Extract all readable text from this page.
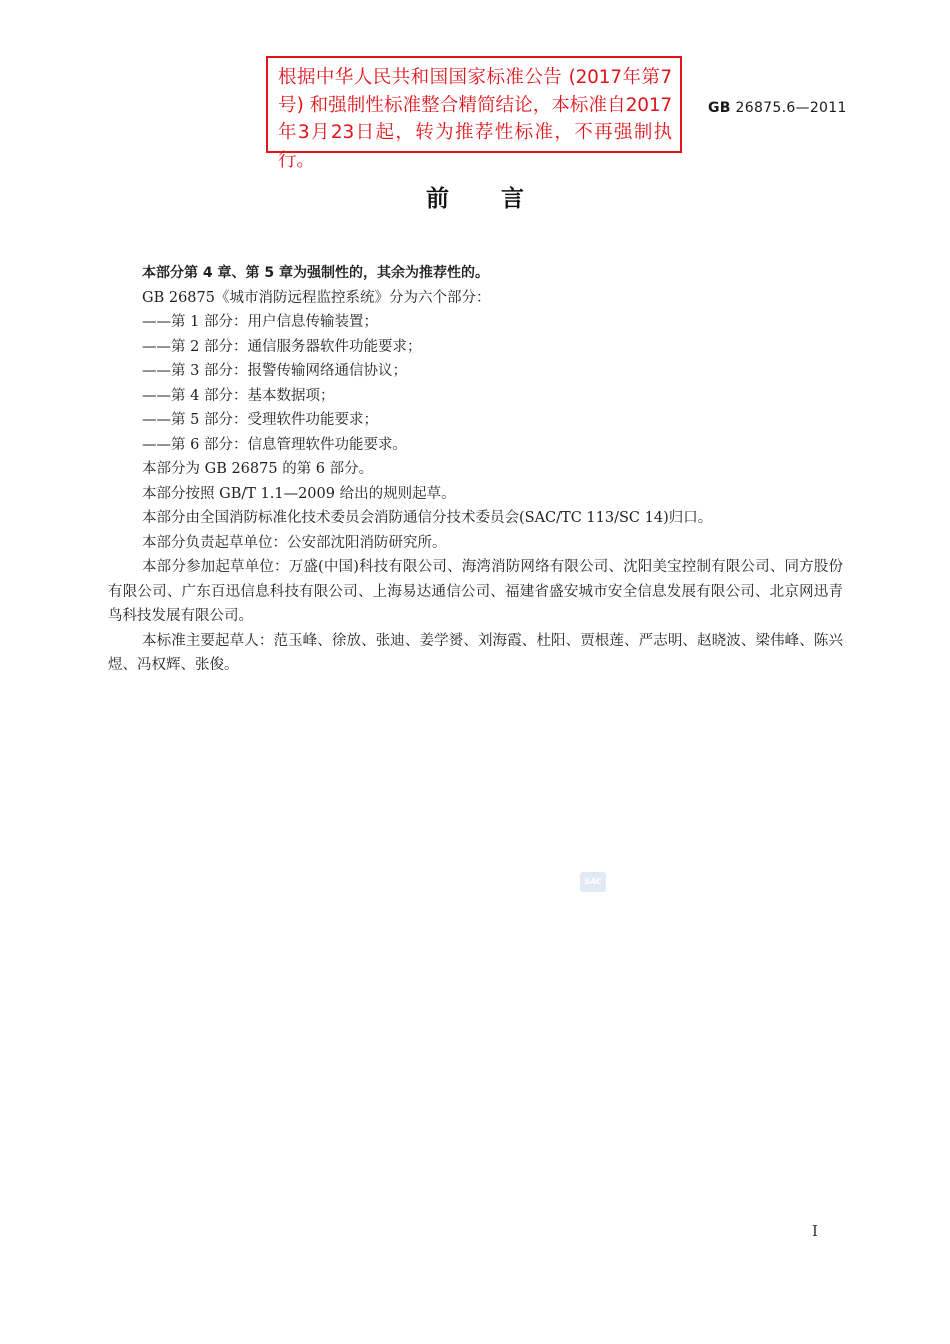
根据中华人民共和国国家标准公告 (2017年第7号) 和强制性标准整合精简结论，本标准自2017年3月23日起，转为推荐性标准，不再强制执行。
GB 26875.6—2011
前言

本部分第 4 章、第 5 章为强制性的，其余为推荐性的。

GB 26875《城市消防远程监控系统》分为六个部分：

——第 1 部分：用户信息传输装置；

——第 2 部分：通信服务器软件功能要求；

——第 3 部分：报警传输网络通信协议；

——第 4 部分：基本数据项；

——第 5 部分：受理软件功能要求；

——第 6 部分：信息管理软件功能要求。

本部分为 GB 26875 的第 6 部分。

本部分按照 GB/T 1.1—2009 给出的规则起草。

本部分由全国消防标准化技术委员会消防通信分技术委员会(SAC/TC 113/SC 14)归口。

本部分负责起草单位：公安部沈阳消防研究所。

本部分参加起草单位：万盛(中国)科技有限公司、海湾消防网络有限公司、沈阳美宝控制有限公司、同方股份有限公司、广东百迅信息科技有限公司、上海易达通信公司、福建省盛安城市安全信息发展有限公司、北京网迅青鸟科技发展有限公司。

本标准主要起草人：范玉峰、徐放、张迪、姜学赟、刘海霞、杜阳、贾根莲、严志明、赵晓波、梁伟峰、陈兴煜、冯权辉、张俊。

SAC
I
